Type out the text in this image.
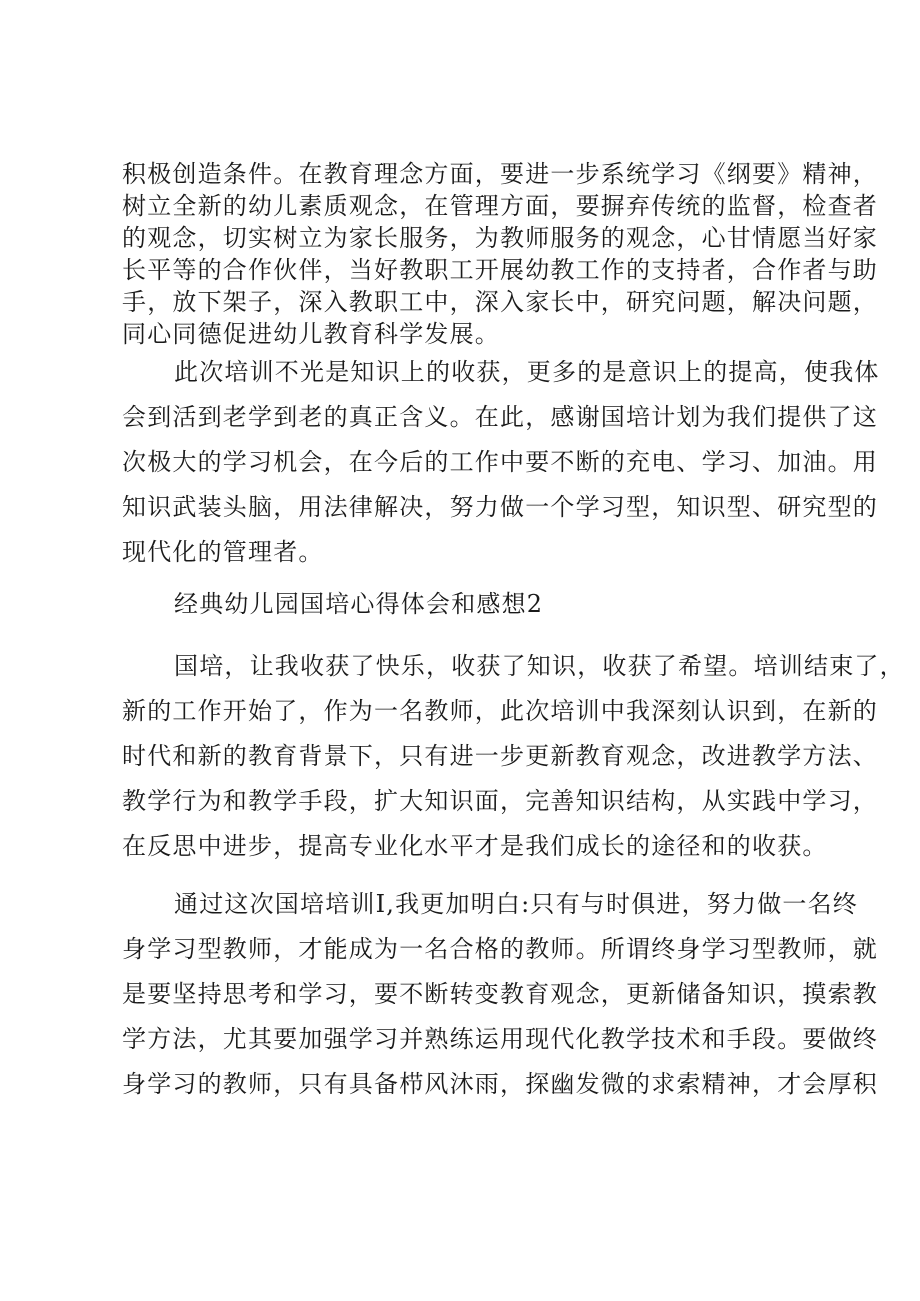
积极创造条件。在教育理念方面，要进一步系统学习《纲要》精神，
树立全新的幼儿素质观念，在管理方面，要摒弃传统的监督，检查者
的观念，切实树立为家长服务，为教师服务的观念，心甘情愿当好家
长平等的合作伙伴，当好教职工开展幼教工作的支持者，合作者与助
手，放下架子，深入教职工中，深入家长中，研究问题，解决问题，
同心同德促进幼儿教育科学发展。

此次培训不光是知识上的收获，更多的是意识上的提高，使我体
会到活到老学到老的真正含义。在此，感谢国培计划为我们提供了这
次极大的学习机会，在今后的工作中要不断的充电、学习、加油。用
知识武装头脑，用法律解决，努力做一个学习型，知识型、研究型的
现代化的管理者。

经典幼儿园国培心得体会和感想2

国培，让我收获了快乐，收获了知识，收获了希望。培训结束了，
新的工作开始了，作为一名教师，此次培训中我深刻认识到，在新的
时代和新的教育背景下，只有进一步更新教育观念，改进教学方法、
教学行为和教学手段，扩大知识面，完善知识结构，从实践中学习，
在反思中进步，提高专业化水平才是我们成长的途径和的收获。

通过这次国培培训I,我更加明白:只有与时俱进，努力做一名终
身学习型教师，才能成为一名合格的教师。所谓终身学习型教师，就
是要坚持思考和学习，要不断转变教育观念，更新储备知识，摸索教
学方法，尤其要加强学习并熟练运用现代化教学技术和手段。要做终
身学习的教师，只有具备栉风沐雨，探幽发微的求索精神，才会厚积
